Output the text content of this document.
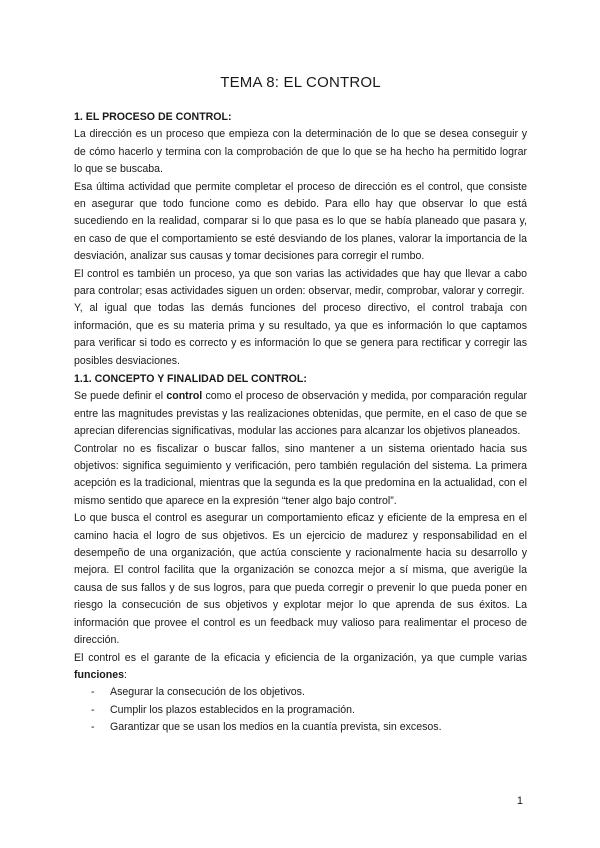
TEMA 8: EL CONTROL
1. EL PROCESO DE CONTROL:

La dirección es un proceso que empieza con la determinación de lo que se desea conseguir y de cómo hacerlo y termina con la comprobación de que lo que se ha hecho ha permitido lograr lo que se buscaba.

Esa última actividad que permite completar el proceso de dirección es el control, que consiste en asegurar que todo funcione como es debido. Para ello hay que observar lo que está sucediendo en la realidad, comparar si lo que pasa es lo que se había planeado que pasara y, en caso de que el comportamiento se esté desviando de los planes, valorar la importancia de la desviación, analizar sus causas y tomar decisiones para corregir el rumbo.

El control es también un proceso, ya que son varias las actividades que hay que llevar a cabo para controlar; esas actividades siguen un orden: observar, medir, comprobar, valorar y corregir.

Y, al igual que todas las demás funciones del proceso directivo, el control trabaja con información, que es su materia prima y su resultado, ya que es información lo que captamos para verificar si todo es correcto y es información lo que se genera para rectificar y corregir las posibles desviaciones.

1.1. CONCEPTO Y FINALIDAD DEL CONTROL:

Se puede definir el control como el proceso de observación y medida, por comparación regular entre las magnitudes previstas y las realizaciones obtenidas, que permite, en el caso de que se aprecian diferencias significativas, modular las acciones para alcanzar los objetivos planeados.

Controlar no es fiscalizar o buscar fallos, sino mantener a un sistema orientado hacia sus objetivos: significa seguimiento y verificación, pero también regulación del sistema. La primera acepción es la tradicional, mientras que la segunda es la que predomina en la actualidad, con el mismo sentido que aparece en la expresión “tener algo bajo control”.

Lo que busca el control es asegurar un comportamiento eficaz y eficiente de la empresa en el camino hacia el logro de sus objetivos. Es un ejercicio de madurez y responsabilidad en el desempeño de una organización, que actúa consciente y racionalmente hacia su desarrollo y mejora. El control facilita que la organización se conozca mejor a sí misma, que averigüe la causa de sus fallos y de sus logros, para que pueda corregir o prevenir lo que pueda poner en riesgo la consecución de sus objetivos y explotar mejor lo que aprenda de sus éxitos. La información que provee el control es un feedback muy valioso para realimentar el proceso de dirección.

El control es el garante de la eficacia y eficiencia de la organización, ya que cumple varias funciones:

- Asegurar la consecución de los objetivos.
- Cumplir los plazos establecidos en la programación.
- Garantizar que se usan los medios en la cuantía prevista, sin excesos.
1
